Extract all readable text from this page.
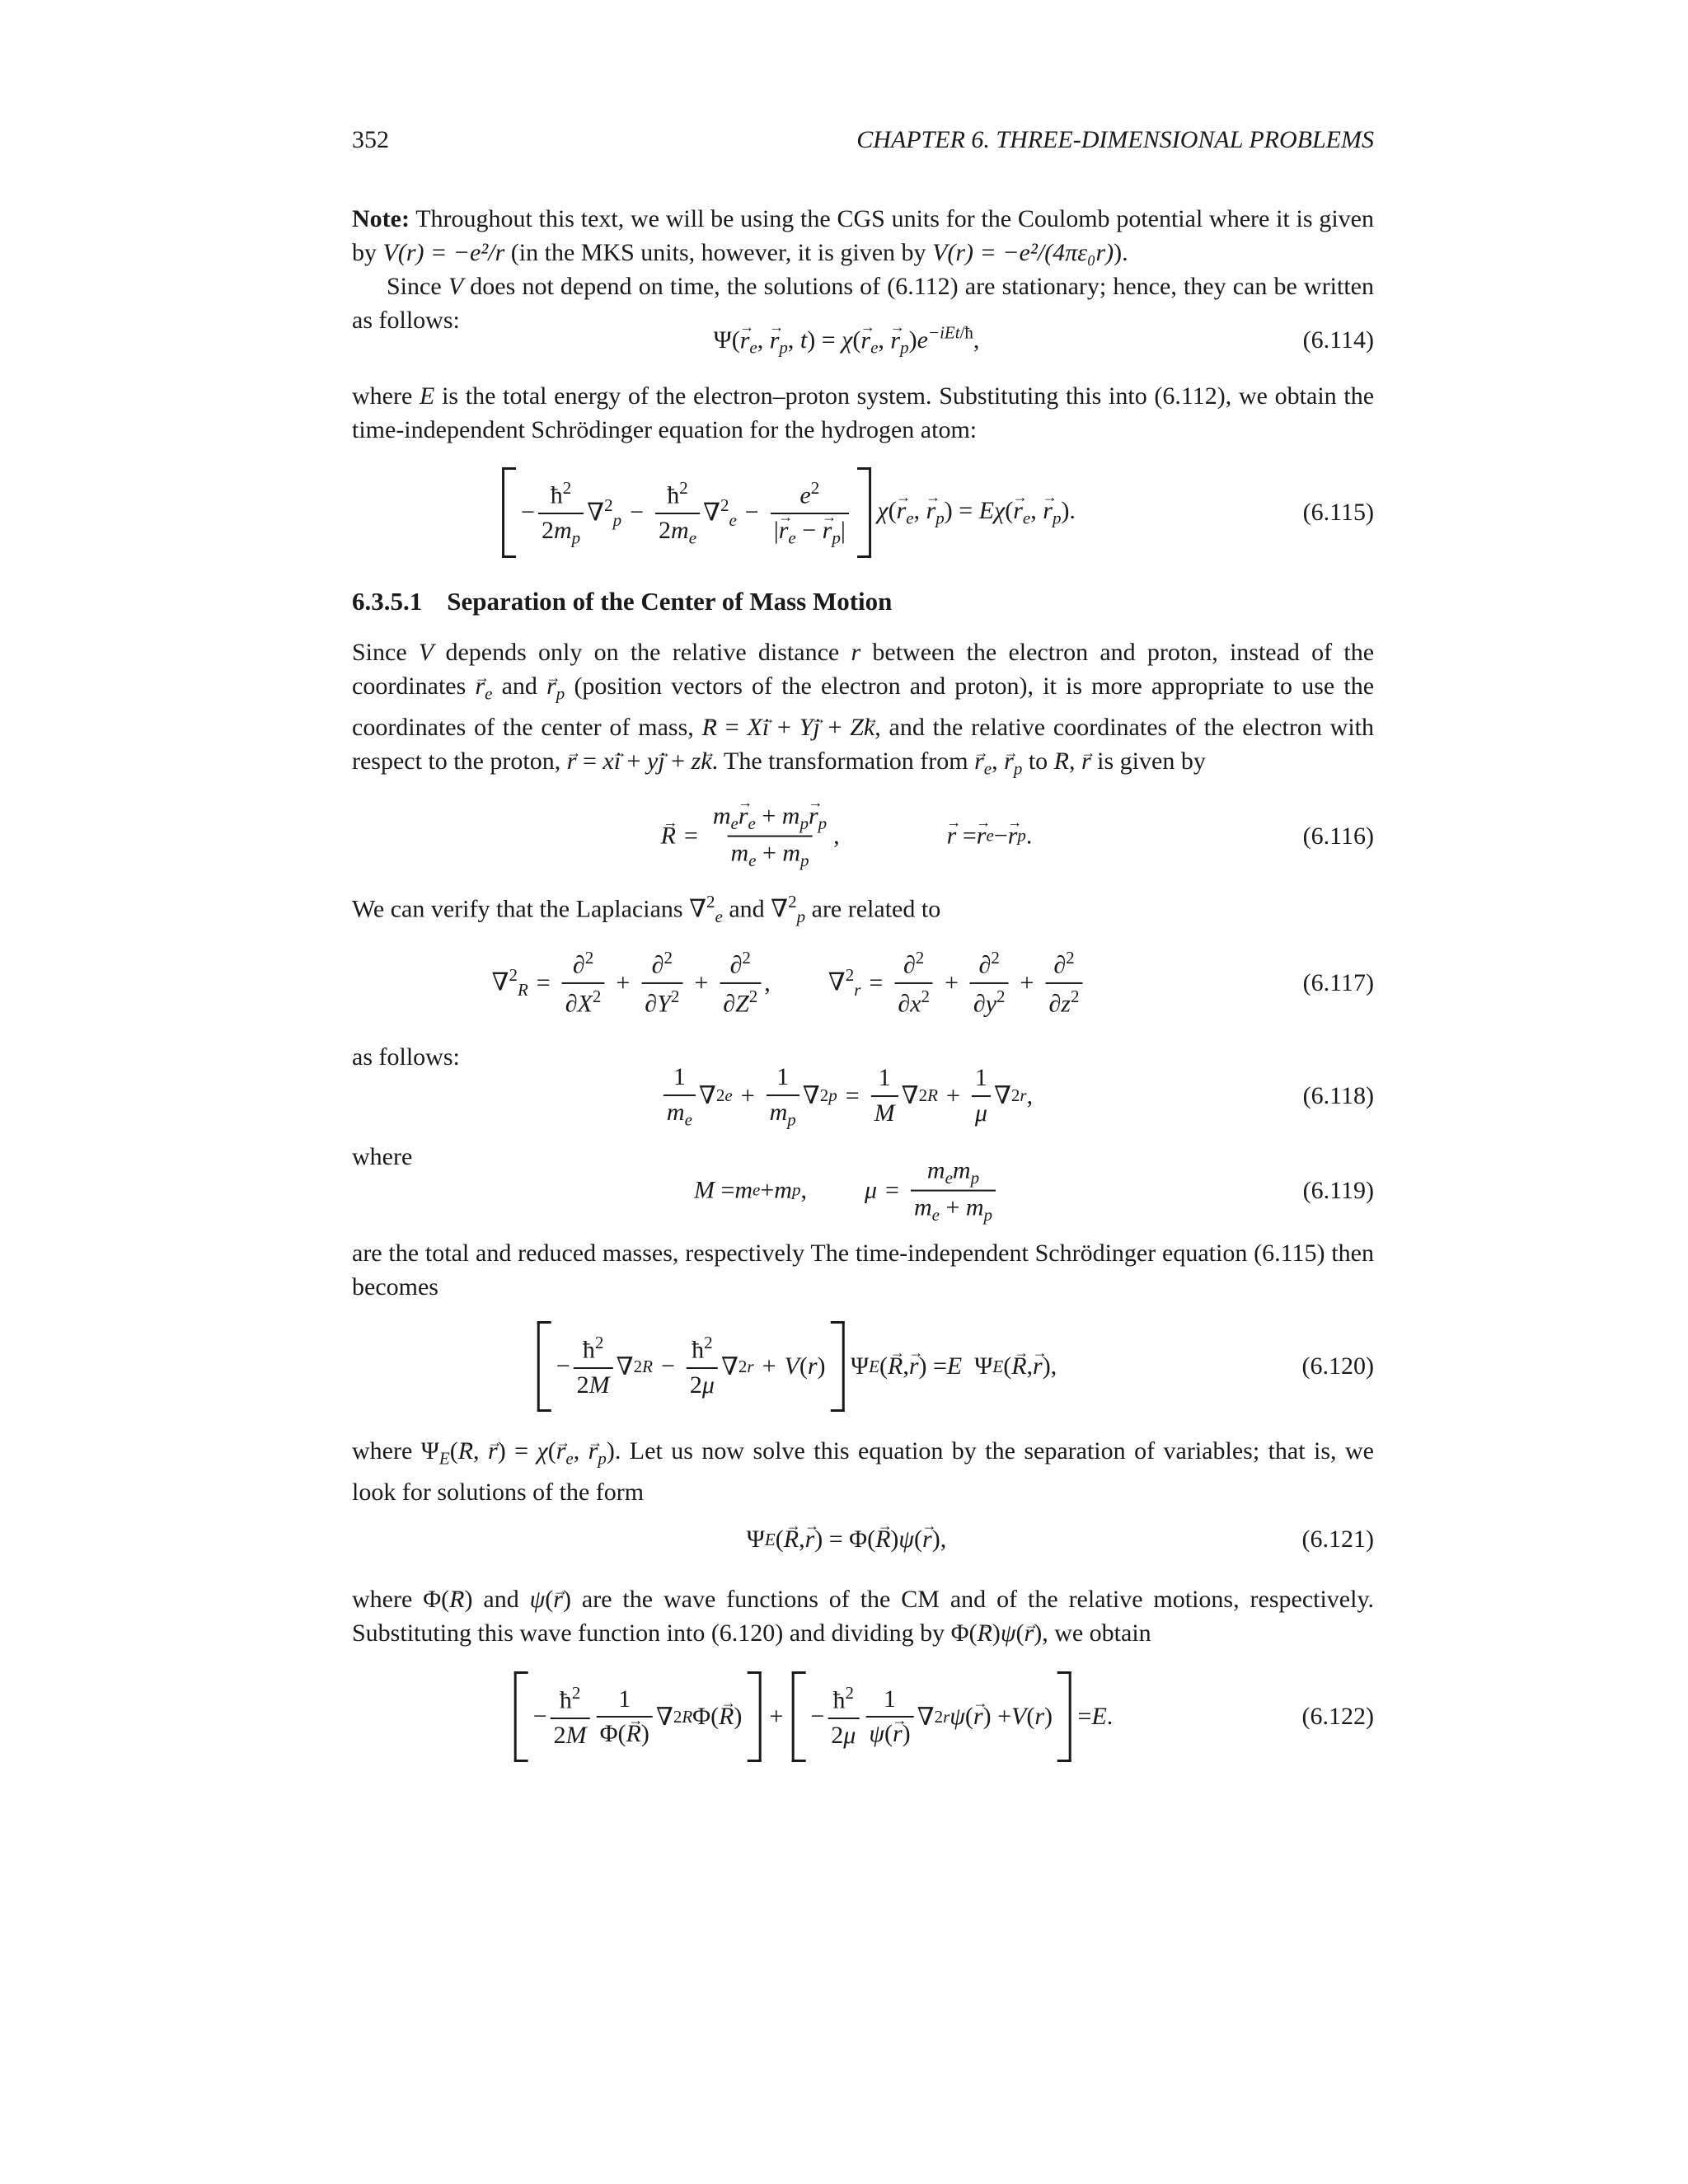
352	CHAPTER 6. THREE-DIMENSIONAL PROBLEMS

Note: Throughout this text, we will be using the CGS units for the Coulomb potential where it is given by V(r) = −e²/r (in the MKS units, however, it is given by V(r) = −e²/(4πε₀r)).

Since V does not depend on time, the solutions of (6.112) are stationary; hence, they can be written as follows:

$\Psi(\to r_e$, → $r_p$, $t) = \chi(\to r_e$, → $r_p)e^{-iEt/ħ}$,	(6.114)

where E is the total energy of the electron–proton system. Substituting this into (6.112), we obtain the time-independent Schrödinger equation for the hydrogen atom:

− $\frac{ħ^2}{2m_p} \nabla^2_p - \frac{ħ^2}{2m_e} \nabla^2_e - \frac{e^2}{|\to r_e - \to r_p|} \chi(\to r_e$, → $r_p) = E\chi(\to r_e$, → $r_p$).	(6.115)
6.3.5.1 Separation of the Center of Mass Motion

Since V depends only on the relative distance r between the electron and proton, instead of the coordinates → $r_e$ and → $r_p$ (position vectors of the electron and proton), it is more appropriate to use the coordinates of the center of mass, → R = X→ i + Y→ j + Z→ k, and the relative coordinates of the electron with respect to the proton, → r = x→ i + y→ j + z→ k. The transformation from → $r_e$, → $r_p$ to → R, → r is given by

→ $R = \frac{m_e\to r_e + m_p\to r_p}{m_e + m_p}$ ,	→ r = → r e − → r p .	(6.116)

We can verify that the Laplacians ∇$^2_e$ and ∇$^2_p$ are related to

$\nabla^2_R = \frac{\partial^2}{\partial X^2} + \frac{\partial^2}{\partial Y^2} + \frac{\partial^2}{\partial Z^2}$ , $\nabla^2_r = \frac{\partial^2}{\partial x^2} + \frac{\partial^2}{\partial y^2} + \frac{\partial^2}{\partial z^2}$	(6.117)

as follows:

$\frac{1}{m_e}$ ∇ 2 $e + \frac{1}{m_p}$ ∇ 2 $p = \frac{1}{M}$ ∇ 2 $R + \frac{1}{\mu}$ ∇ 2 r ,	(6.118)

where

M = m e + m p , $\mu = \frac{m_em_p}{m_e + m_p}$	(6.119)

are the total and reduced masses, respectively The time-independent Schrödinger equation (6.115) then becomes

− $\frac{ħ^2}{2M}$ ∇ 2 $R - \frac{ħ^2}{2\mu}$ ∇ 2 r + V ( r )
Ψ E ( → R , → r ) = E Ψ E ( → R , → r ),	(6.120)

where $\Psi_E(\to R$, → $r) = \chi(\to r_e$, → $r_p$). Let us now solve this equation by the separation of variables; that is, we look for solutions of the form

Ψ E ( → R , → r ) = Φ( → R ) ψ ( → r ),	(6.121)

where Φ(→ R) and ψ(→ r) are the wave functions of the CM and of the relative motions, respectively. Substituting this wave function into (6.120) and dividing by Φ(→ R)ψ(→ r), we obtain

− $\frac{ħ^2}{2M} \frac{1}{\Phi(\to R)}$ ∇ 2 R Φ( → R ) + − $\frac{ħ^2}{2\mu} \frac{1}{\psi(\to r)}$ ∇ 2 r ψ ( → r ) + V ( r )
= E .	(6.122)
